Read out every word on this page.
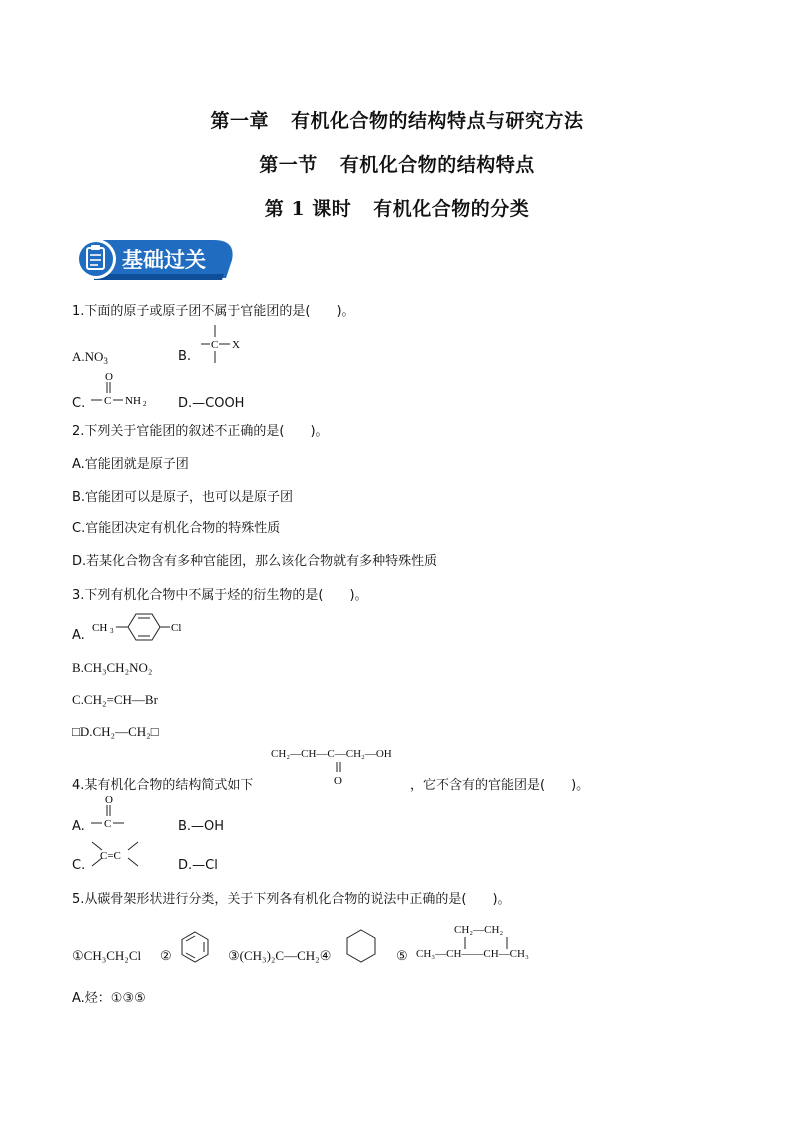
第一章 有机化合物的结构特点与研究方法
第一节 有机化合物的结构特点
第 1 课时 有机化合物的分类
基础过关
1.下面的原子或原子团不属于官能团的是(　　)。
$A.NO_3$	B.
C X
C.
O
C NH 2 D.—COOH
2.下列关于官能团的叙述不正确的是(　　)。
A.官能团就是原子团
B.官能团可以是原子，也可以是原子团
C.官能团决定有机化合物的特殊性质
D.若某化合物含有多种官能团，那么该化合物就有多种特殊性质
3.下列有机化合物中不属于烃的衍生物的是(　　)。
A. CH 3	Cl
B.CH₃CH₂NO₂
C.CH₂=CH—Br
□D.CH₂—CH₂□
CH₂—CH—C—CH₂—OH
O
4.某有机化合物的结构简式如下	，它不含有的官能团是(　　)。
A.
O
C	B.—OH
C.
C=C
D.—Cl
5.从碳骨架形状进行分类，关于下列各有机化合物的说法中正确的是(　　)。
①CH₃CH₂Cl ②	③(CH₃)₂C—CH₂④	⑤
CH₂—CH₂
CH₃—CH——CH—CH₃
A.烃：①③⑤
